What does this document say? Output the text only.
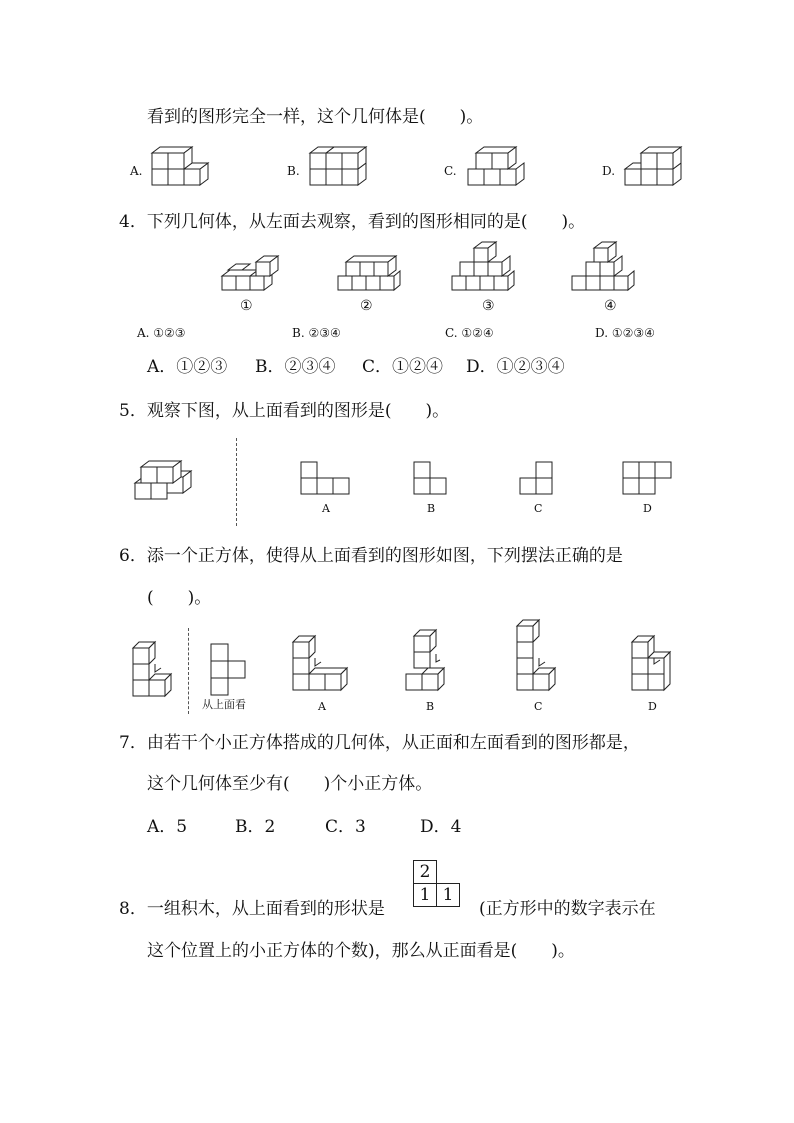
看到的图形完全一样，这个几何体是(　　)。
A.	B.	C.	D.
4．下列几何体，从左面去观察，看到的图形相同的是(　　)。
①	②	③	④
A. ①②③	B. ②③④	C. ①②④	D. ①②③④
A．①②③ B．②③④ C．①②④ D．①②③④
5．观察下图，从上面看到的图形是(　　)。
A	B	C	D
6．添一个正方体，使得从上面看到的图形如图，下列摆法正确的是
(　　)。
从上面看	A	B	C	D
7．由若干个小正方体搭成的几何体，从正面和左面看到的图形都是，
这个几何体至少有(　　)个小正方体。
A．5	B．2	C．3	D．4
8．一组积木，从上面看到的形状是
2
1 1
(正方形中的数字表示在
这个位置上的小正方体的个数)，那么从正面看是(　　)。
